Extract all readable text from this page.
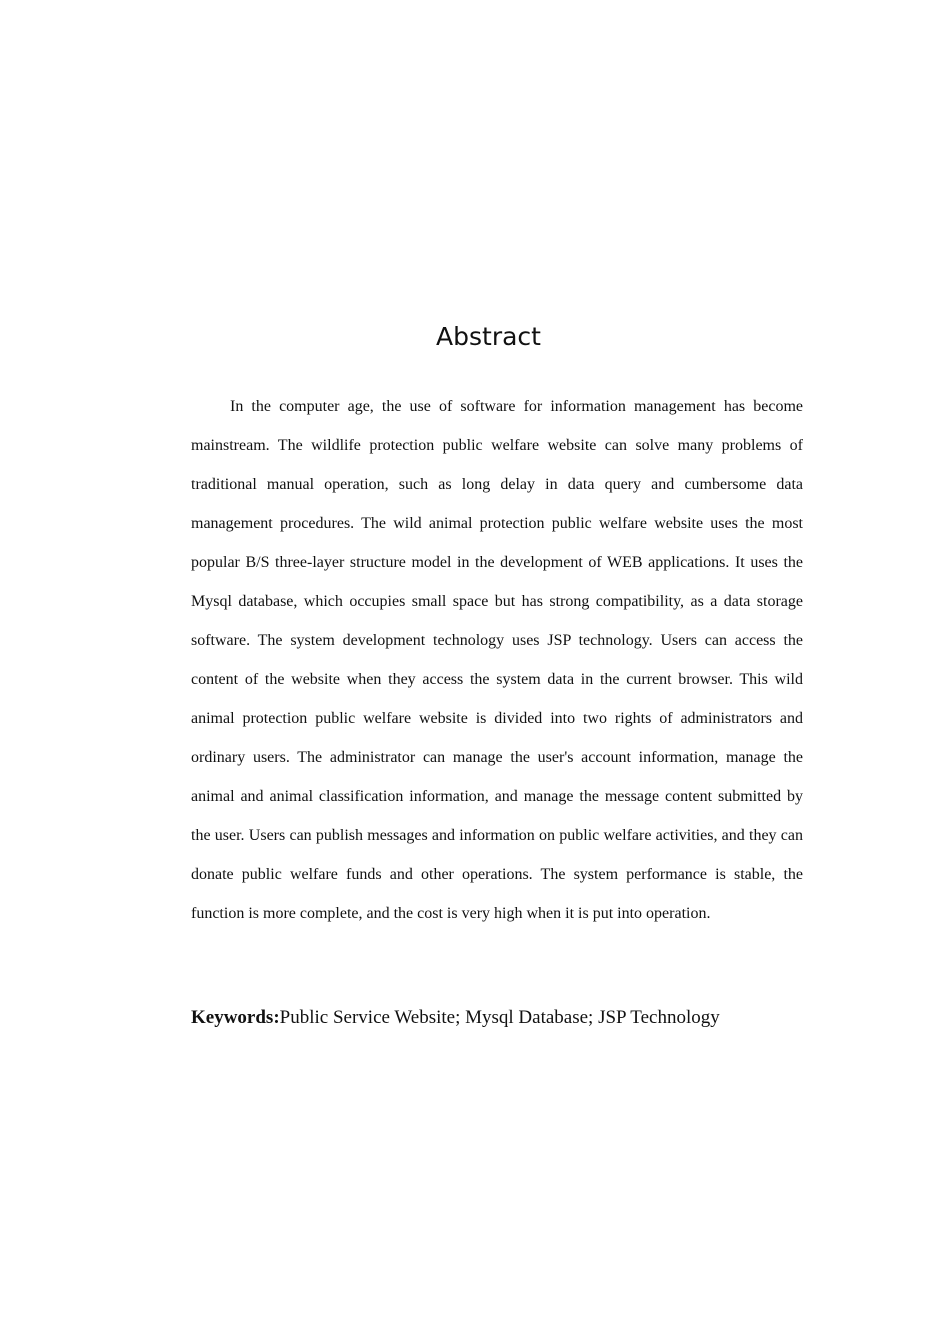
Abstract

In the computer age, the use of software for information management has become mainstream. The wildlife protection public welfare website can solve many problems of traditional manual operation, such as long delay in data query and cumbersome data management procedures. The wild animal protection public welfare website uses the most popular B/S three-layer structure model in the development of WEB applications. It uses the Mysql database, which occupies small space but has strong compatibility, as a data storage software. The system development technology uses JSP technology. Users can access the content of the website when they access the system data in the current browser. This wild animal protection public welfare website is divided into two rights of administrators and ordinary users. The administrator can manage the user's account information, manage the animal and animal classification information, and manage the message content submitted by the user. Users can publish messages and information on public welfare activities, and they can donate public welfare funds and other operations. The system performance is stable, the function is more complete, and the cost is very high when it is put into operation.

Keywords:Public Service Website; Mysql Database; JSP Technology
